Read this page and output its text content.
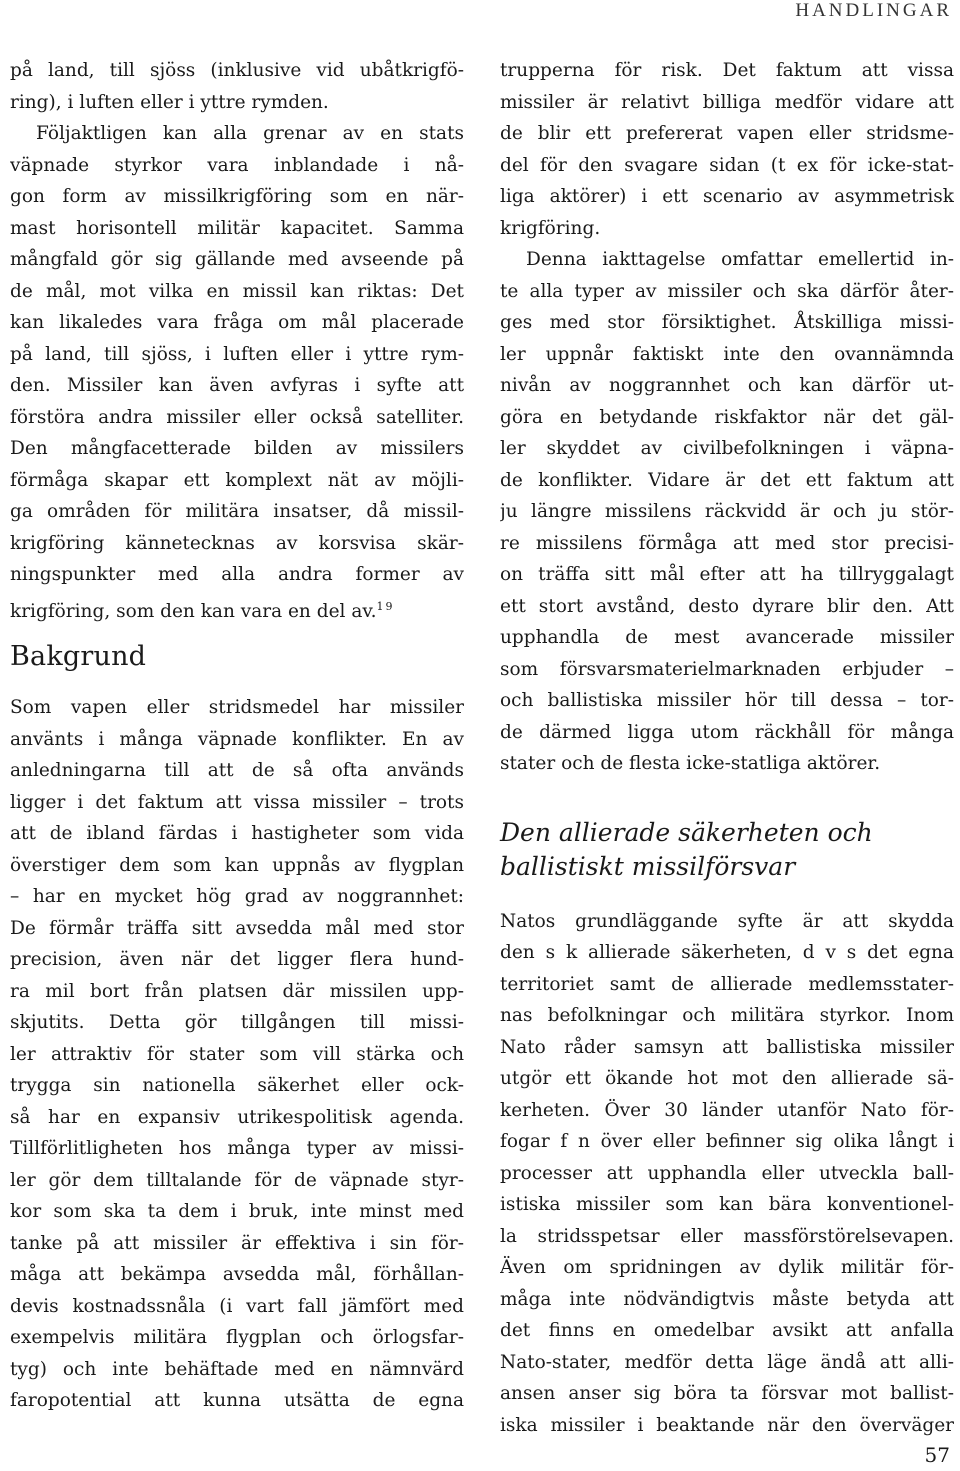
HANDLINGAR
på land, till sjöss (inklusive vid ubåtkrigfö-
ring), i luften eller i yttre rymden.
Följaktligen kan alla grenar av en stats
väpnade styrkor vara inblandade i nå-
gon form av missilkrigföring som en när-
mast horisontell militär kapacitet. Samma
mångfald gör sig gällande med avseende på
de mål, mot vilka en missil kan riktas: Det
kan likaledes vara fråga om mål placerade
på land, till sjöss, i luften eller i yttre rym-
den. Missiler kan även avfyras i syfte att
förstöra andra missiler eller också satelliter.
Den mångfacetterade bilden av missilers
förmåga skapar ett komplext nät av möjli-
ga områden för militära insatser, då missil-
krigföring kännetecknas av korsvisa skär-
ningspunkter med alla andra former av
krigföring, som den kan vara en del av.$^{19}$
Bakgrund
Som vapen eller stridsmedel har missiler
använts i många väpnade konflikter. En av
anledningarna till att de så ofta används
ligger i det faktum att vissa missiler – trots
att de ibland färdas i hastigheter som vida
överstiger dem som kan uppnås av flygplan
– har en mycket hög grad av noggrannhet:
De förmår träffa sitt avsedda mål med stor
precision, även när det ligger flera hund-
ra mil bort från platsen där missilen upp-
skjutits. Detta gör tillgången till missi-
ler attraktiv för stater som vill stärka och
trygga sin nationella säkerhet eller ock-
så har en expansiv utrikespolitisk agenda.
Tillförlitligheten hos många typer av missi-
ler gör dem tilltalande för de väpnade styr-
kor som ska ta dem i bruk, inte minst med
tanke på att missiler är effektiva i sin för-
måga att bekämpa avsedda mål, förhållan-
devis kostnadssnåla (i vart fall jämfört med
exempelvis militära flygplan och örlogsfar-
tyg) och inte behäftade med en nämnvärd
faropotential att kunna utsätta de egna
trupperna för risk. Det faktum att vissa
missiler är relativt billiga medför vidare att
de blir ett prefererat vapen eller stridsme-
del för den svagare sidan (t ex för icke-stat-
liga aktörer) i ett scenario av asymmetrisk
krigföring.
Denna iakttagelse omfattar emellertid in-
te alla typer av missiler och ska därför åter-
ges med stor försiktighet. Åtskilliga missi-
ler uppnår faktiskt inte den ovannämnda
nivån av noggrannhet och kan därför ut-
göra en betydande riskfaktor när det gäl-
ler skyddet av civilbefolkningen i väpna-
de konflikter. Vidare är det ett faktum att
ju längre missilens räckvidd är och ju stör-
re missilens förmåga att med stor precisi-
on träffa sitt mål efter att ha tillryggalagt
ett stort avstånd, desto dyrare blir den. Att
upphandla de mest avancerade missiler
som försvarsmaterielmarknaden erbjuder –
och ballistiska missiler hör till dessa – tor-
de därmed ligga utom räckhåll för många
stater och de flesta icke-statliga aktörer.
Den allierade säkerheten och
ballistiskt missilförsvar
Natos grundläggande syfte är att skydda
den s k allierade säkerheten, d v s det egna
territoriet samt de allierade medlemsstater-
nas befolkningar och militära styrkor. Inom
Nato råder samsyn att ballistiska missiler
utgör ett ökande hot mot den allierade sä-
kerheten. Över 30 länder utanför Nato för-
fogar f n över eller befinner sig olika långt i
processer att upphandla eller utveckla ball-
istiska missiler som kan bära konventionel-
la stridsspetsar eller massförstörelsevapen.
Även om spridningen av dylik militär för-
måga inte nödvändigtvis måste betyda att
det finns en omedelbar avsikt att anfalla
Nato-stater, medför detta läge ändå att alli-
ansen anser sig böra ta försvar mot ballist-
iska missiler i beaktande när den överväger
57
